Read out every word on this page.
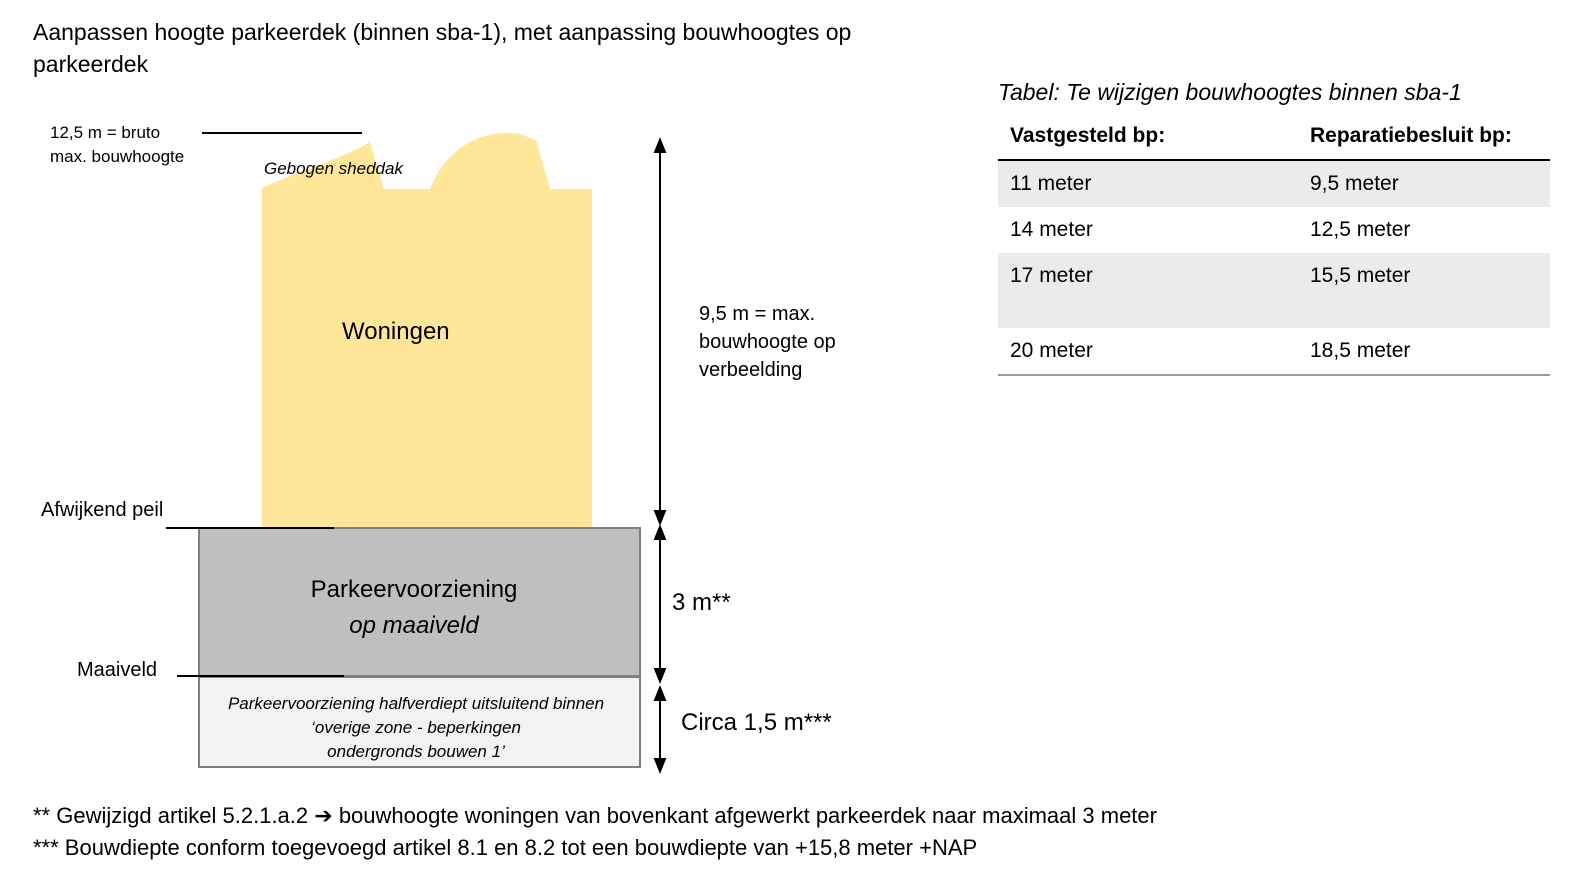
Aanpassen hoogte parkeerdek (binnen sba-1), met aanpassing bouwhoogtes op parkeerdek
12,5 m = bruto
max. bouwhoogte
Gebogen sheddak
Woningen
9,5 m = max.
bouwhoogte op
verbeelding
Afwijkend peil
Parkeervoorziening
op maaiveld
3 m**
Maaiveld
Parkeervoorziening halfverdiept uitsluitend binnen
‘overige zone - beperkingen
ondergronds bouwen 1’
Circa 1,5 m***
Tabel: Te wijzigen bouwhoogtes binnen sba-1
Vastgesteld bp:	Reparatiebesluit bp:
11 meter	9,5 meter
14 meter	12,5 meter
17 meter	15,5 meter
20 meter	18,5 meter
** Gewijzigd artikel 5.2.1.a.2 ➔ bouwhoogte woningen van bovenkant afgewerkt parkeerdek naar maximaal 3 meter
*** Bouwdiepte conform toegevoegd artikel 8.1 en 8.2 tot een bouwdiepte van +15,8 meter +NAP
